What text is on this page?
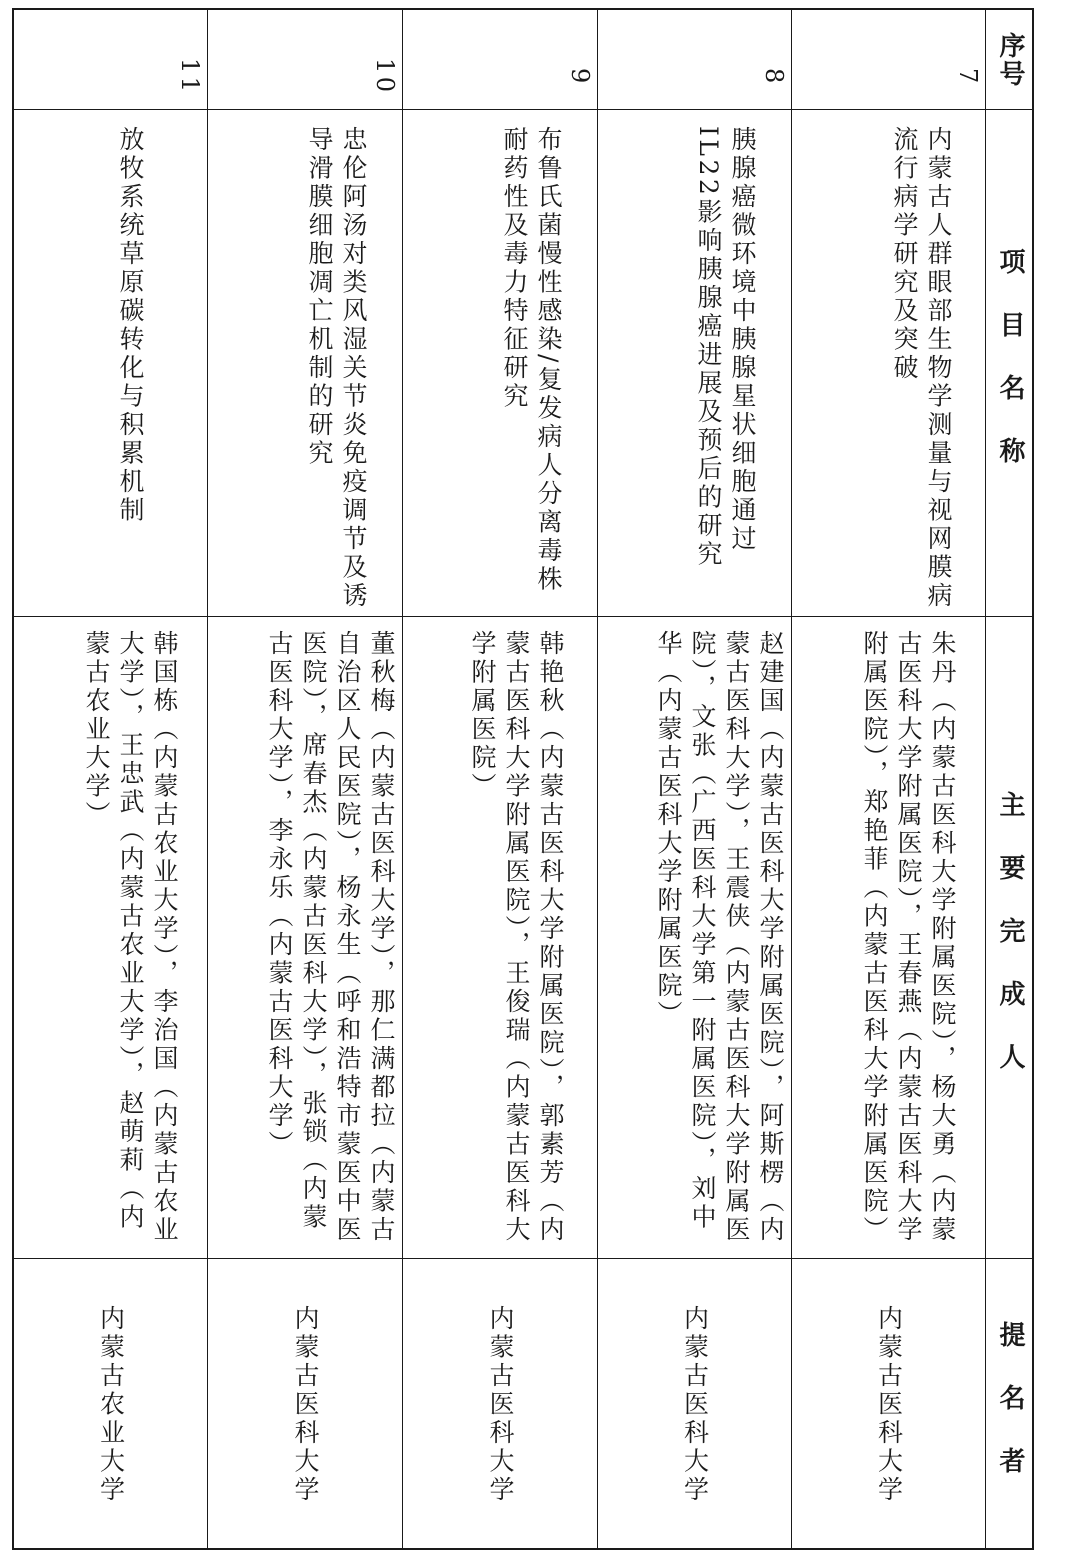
序号
项 目 名 称
主 要 完 成 人
提 名 者
7
内蒙古人群眼部生物学测量与视网膜病流行病学研究及突破
朱丹（内蒙古医科大学附属医院），杨大勇（内蒙古医科大学附属医院），王春燕（内蒙古医科大学附属医院），郑艳菲（内蒙古医科大学附属医院）
内蒙古医科大学
8
胰腺癌微环境中胰腺星状细胞通过IL22影响胰腺癌进展及预后的研究
赵建国（内蒙古医科大学附属医院），阿斯楞（内蒙古医科大学），王震侠（内蒙古医科大学附属医院），文张（广西医科大学第一附属医院），刘中华（内蒙古医科大学附属医院）
内蒙古医科大学
9
布鲁氏菌慢性感染/复发病人分离毒株耐药性及毒力特征研究
韩艳秋（内蒙古医科大学附属医院），郭素芳（内蒙古医科大学附属医院），王俊瑞（内蒙古医科大学附属医院）
内蒙古医科大学
10
忠伦阿汤对类风湿关节炎免疫调节及诱导滑膜细胞凋亡机制的研究
董秋梅（内蒙古医科大学），那仁满都拉（内蒙古自治区人民医院），杨永生（呼和浩特市蒙医中医医院），席春杰（内蒙古医科大学），张锁（内蒙古医科大学），李永乐（内蒙古医科大学）
内蒙古医科大学
11
放牧系统草原碳转化与积累机制
韩国栋（内蒙古农业大学），李治国（内蒙古农业大学），王忠武（内蒙古农业大学），赵萌莉（内蒙古农业大学）
内蒙古农业大学
